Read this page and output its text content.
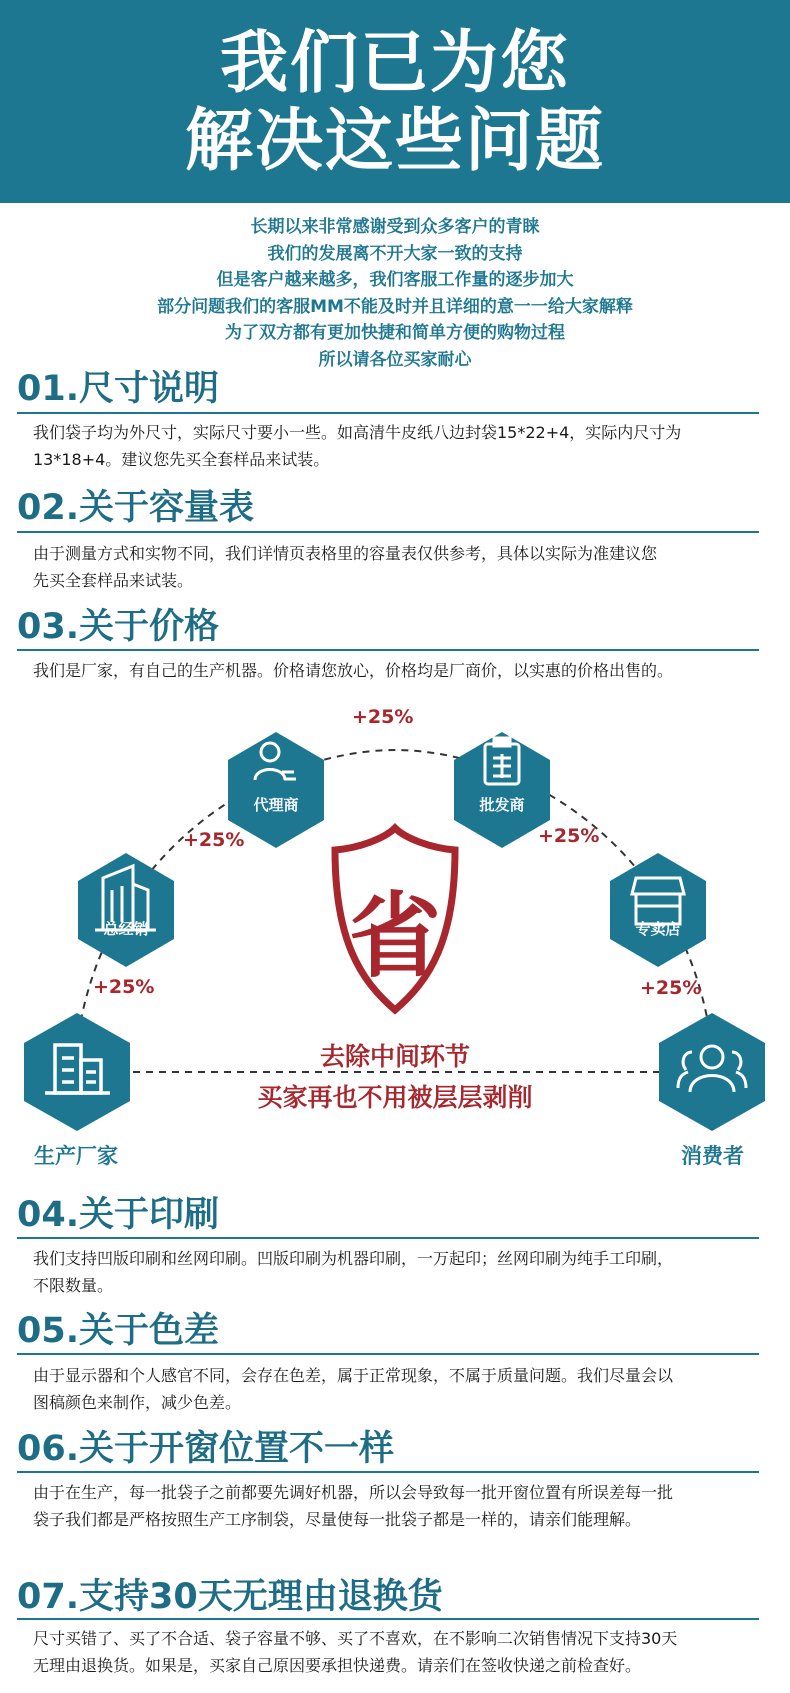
我们已为您
解决这些问题
长期以来非常感谢受到众多客户的青睐
我们的发展离不开大家一致的支持
但是客户越来越多，我们客服工作量的逐步加大
部分问题我们的客服MM不能及时并且详细的意一一给大家解释
为了双方都有更加快捷和简单方便的购物过程
所以请各位买家耐心
01.尺寸说明
我们袋子均为外尺寸，实际尺寸要小一些。如高清牛皮纸八边封袋15*22+4，实际内尺寸为
13*18+4。建议您先买全套样品来试装。
02.关于容量表
由于测量方式和实物不同，我们详情页表格里的容量表仅供参考，具体以实际为准建议您
先买全套样品来试装。
03.关于价格
我们是厂家，有自己的生产机器。价格请您放心，价格均是厂商价，以实惠的价格出售的。
省
+25%
+25%	+25%
+25%	+25%
代理商	批发商
总经销	专卖店
生产厂家	消费者
去除中间环节
买家再也不用被层层剥削
04.关于印刷
我们支持凹版印刷和丝网印刷。凹版印刷为机器印刷，一万起印；丝网印刷为纯手工印刷，
不限数量。
05.关于色差
由于显示器和个人感官不同，会存在色差，属于正常现象，不属于质量问题。我们尽量会以
图稿颜色来制作，减少色差。
06.关于开窗位置不一样
由于在生产，每一批袋子之前都要先调好机器，所以会导致每一批开窗位置有所误差每一批
袋子我们都是严格按照生产工序制袋，尽量使每一批袋子都是一样的，请亲们能理解。
07.支持30天无理由退换货
尺寸买错了、买了不合适、袋子容量不够、买了不喜欢，在不影响二次销售情况下支持30天
无理由退换货。如果是，买家自己原因要承担快递费。请亲们在签收快递之前检查好。
